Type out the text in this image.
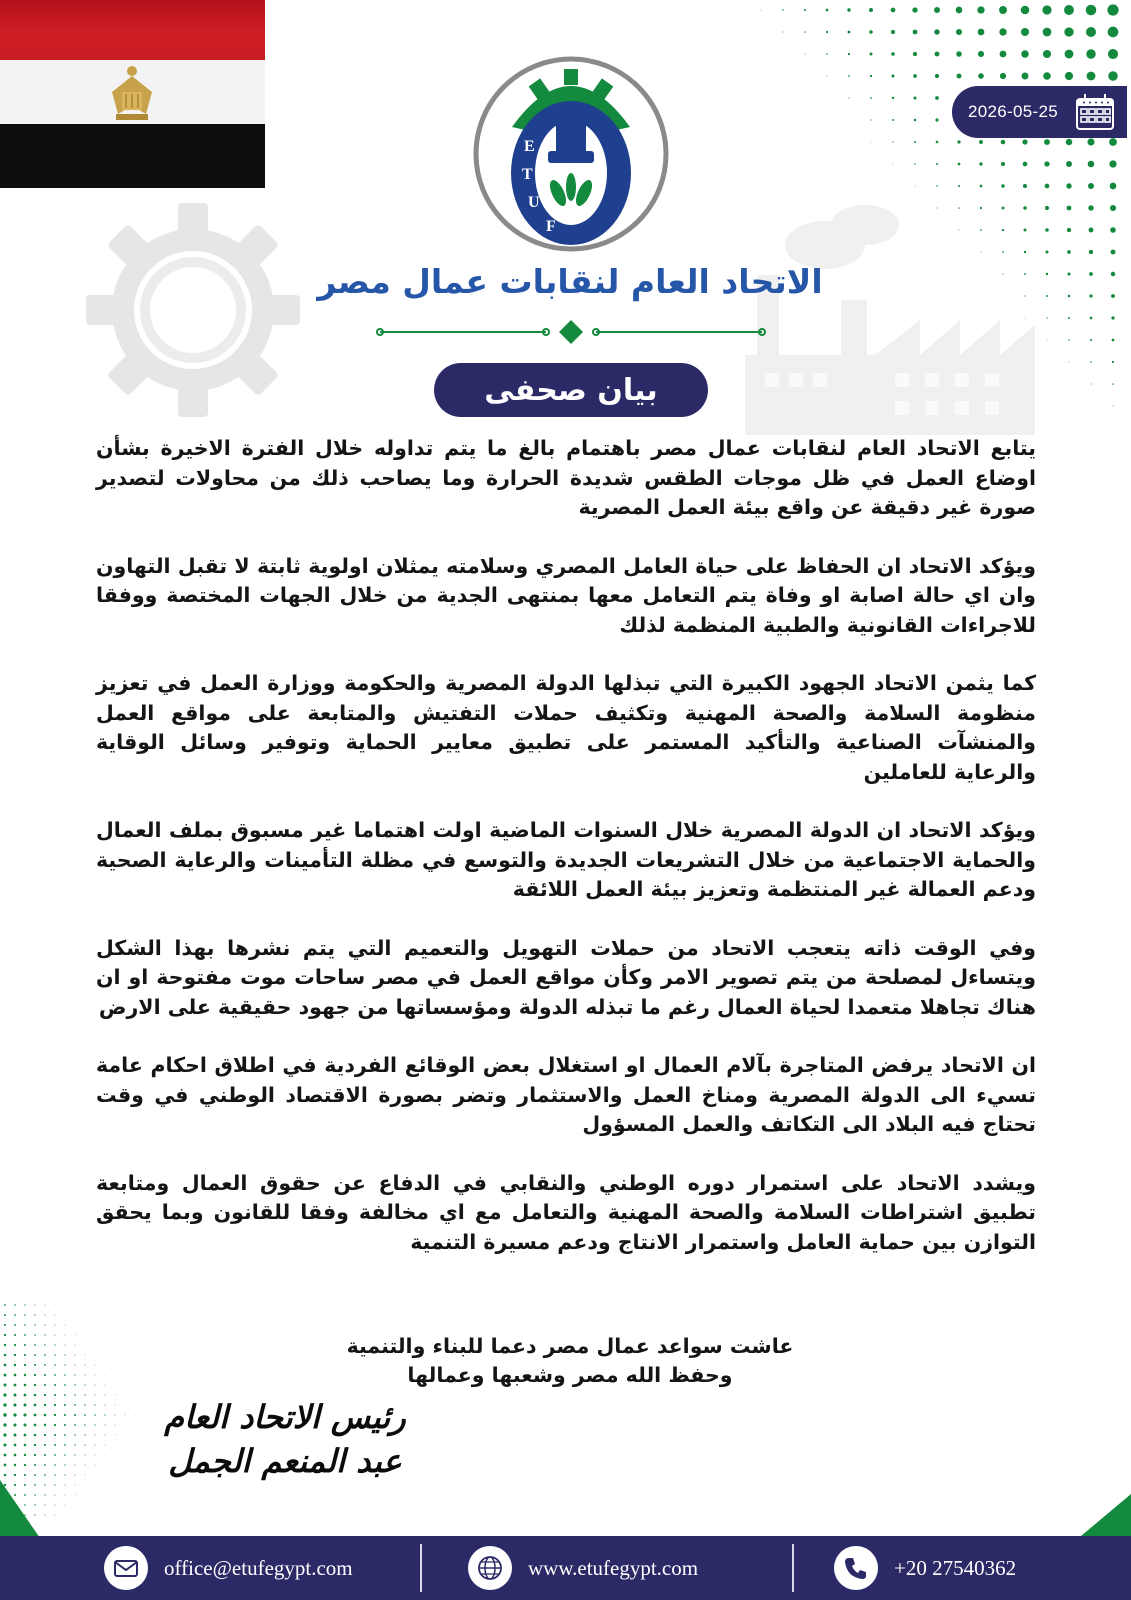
2026-05-25
E
T
U
F
الاتحاد العام لنقابات عمال مصر
بيان صحفى

يتابع الاتحاد العام لنقابات عمال مصر باهتمام بالغ ما يتم تداوله خلال الفترة الاخيرة بشأن اوضاع العمل في ظل موجات الطقس شديدة الحرارة وما يصاحب ذلك من محاولات لتصدير صورة غير دقيقة عن واقع بيئة العمل المصرية

ويؤكد الاتحاد ان الحفاظ على حياة العامل المصري وسلامته يمثلان اولوية ثابتة لا تقبل التهاون وان اي حالة اصابة او وفاة يتم التعامل معها بمنتهى الجدية من خلال الجهات المختصة ووفقا للاجراءات القانونية والطبية المنظمة لذلك

كما يثمن الاتحاد الجهود الكبيرة التي تبذلها الدولة المصرية والحكومة ووزارة العمل في تعزيز منظومة السلامة والصحة المهنية وتكثيف حملات التفتيش والمتابعة على مواقع العمل والمنشآت الصناعية والتأكيد المستمر على تطبيق معايير الحماية وتوفير وسائل الوقاية والرعاية للعاملين

ويؤكد الاتحاد ان الدولة المصرية خلال السنوات الماضية اولت اهتماما غير مسبوق بملف العمال والحماية الاجتماعية من خلال التشريعات الجديدة والتوسع في مظلة التأمينات والرعاية الصحية ودعم العمالة غير المنتظمة وتعزيز بيئة العمل اللائقة

وفي الوقت ذاته يتعجب الاتحاد من حملات التهويل والتعميم التي يتم نشرها بهذا الشكل ويتساءل لمصلحة من يتم تصوير الامر وكأن مواقع العمل في مصر ساحات موت مفتوحة او ان هناك تجاهلا متعمدا لحياة العمال رغم ما تبذله الدولة ومؤسساتها من جهود حقيقية على الارض

ان الاتحاد يرفض المتاجرة بآلام العمال او استغلال بعض الوقائع الفردية في اطلاق احكام عامة تسيء الى الدولة المصرية ومناخ العمل والاستثمار وتضر بصورة الاقتصاد الوطني في وقت تحتاج فيه البلاد الى التكاتف والعمل المسؤول

ويشدد الاتحاد على استمرار دوره الوطني والنقابي في الدفاع عن حقوق العمال ومتابعة تطبيق اشتراطات السلامة والصحة المهنية والتعامل مع اي مخالفة وفقا للقانون وبما يحقق التوازن بين حماية العامل واستمرار الانتاج ودعم مسيرة التنمية

عاشت سواعد عمال مصر دعما للبناء والتنمية
وحفظ الله مصر وشعبها وعمالها
رئيس الاتحاد العام
عبد المنعم الجمل
office@etufegypt.com	www.etufegypt.com	+20 27540362
